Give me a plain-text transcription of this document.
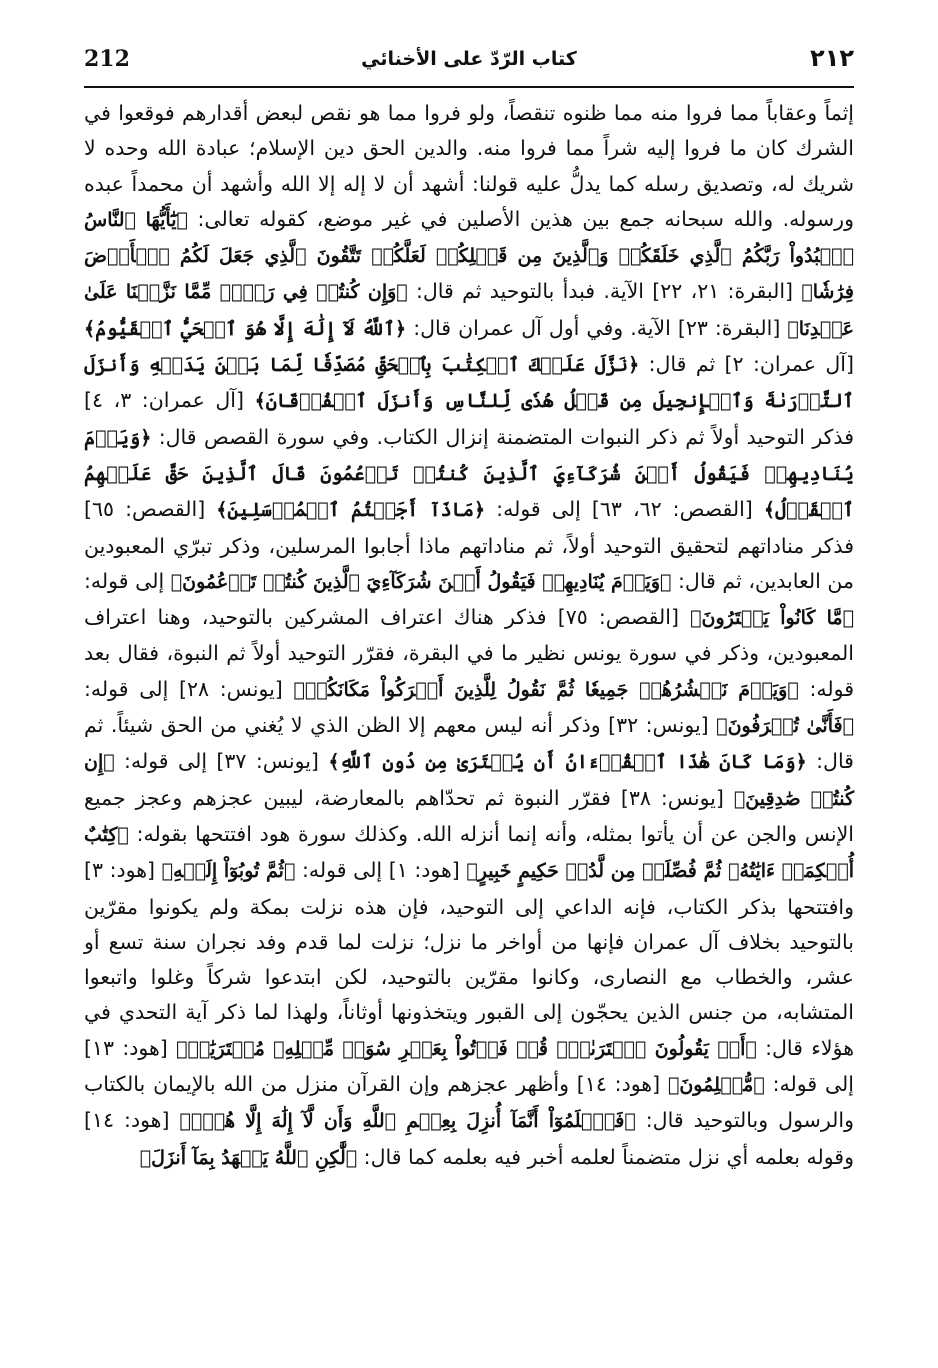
212	كتاب الرّدّ على الأخنائي	٢١٢

إثماً وعقاباً مما فروا منه مما ظنوه تنقصاً، ولو فروا مما هو نقص لبعض أقدارهم فوقعوا في الشرك كان ما فروا إليه شراً مما فروا منه. والدين الحق دين الإسلام؛ عبادة الله وحده لا شريك له، وتصديق رسله كما يدلُّ عليه قولنا: أشهد أن لا إله إلا الله وأشهد أن محمداً عبده ورسوله. والله سبحانه جمع بين هذين الأصلين في غير موضع، كقوله تعالى: ﴿يَٰٓأَيُّهَا ٱلنَّاسُ ٱعۡبُدُواْ رَبَّكُمُ ٱلَّذِي خَلَقَكُمۡ وَٱلَّذِينَ مِن قَبۡلِكُمۡ لَعَلَّكُمۡ تَتَّقُونَ ٱلَّذِي جَعَلَ لَكُمُ ٱلۡأَرۡضَ فِرَٰشٗا﴾ [البقرة: ٢١، ٢٢] الآية. فبدأ بالتوحيد ثم قال: ﴿وَإِن كُنتُمۡ فِي رَيۡبٖ مِّمَّا نَزَّلۡنَا عَلَىٰ عَبۡدِنَا﴾ [البقرة: ٢٣] الآية. وفي أول آل عمران قال: ﴿ٱللَّهُ لَآ إِلَٰهَ إِلَّا هُوَ ٱلۡحَيُّ ٱلۡقَيُّومُ﴾ [آل عمران: ٢] ثم قال: ﴿نَزَّلَ عَلَيۡكَ ٱلۡكِتَٰبَ بِٱلۡحَقِّ مُصَدِّقٗا لِّمَا بَيۡنَ يَدَيۡهِ وَأَنزَلَ ٱلتَّوۡرَىٰةَ وَٱلۡإِنجِيلَ مِن قَبۡلُ هُدٗى لِّلنَّاسِ وَأَنزَلَ ٱلۡفُرۡقَانَ﴾ [آل عمران: ٣، ٤] فذكر التوحيد أولاً ثم ذكر النبوات المتضمنة إنزال الكتاب. وفي سورة القصص قال: ﴿وَيَوۡمَ يُنَادِيهِمۡ فَيَقُولُ أَيۡنَ شُرَكَآءِيَ ٱلَّذِينَ كُنتُمۡ تَزۡعُمُونَ قَالَ ٱلَّذِينَ حَقَّ عَلَيۡهِمُ ٱلۡقَوۡلُ﴾ [القصص: ٦٢، ٦٣] إلى قوله: ﴿مَاذَآ أَجَبۡتُمُ ٱلۡمُرۡسَلِينَ﴾ [القصص: ٦٥] فذكر مناداتهم لتحقيق التوحيد أولاً، ثم مناداتهم ماذا أجابوا المرسلين، وذكر تبرّي المعبودين من العابدين، ثم قال: ﴿وَيَوۡمَ يُنَادِيهِمۡ فَيَقُولُ أَيۡنَ شُرَكَآءِيَ ٱلَّذِينَ كُنتُمۡ تَزۡعُمُونَ﴾ إلى قوله: ﴿مَّا كَانُواْ يَفۡتَرُونَ﴾ [القصص: ٧٥] فذكر هناك اعتراف المشركين بالتوحيد، وهنا اعتراف المعبودين، وذكر في سورة يونس نظير ما في البقرة، فقرّر التوحيد أولاً ثم النبوة، فقال بعد قوله: ﴿وَيَوۡمَ نَحۡشُرُهُمۡ جَمِيعٗا ثُمَّ نَقُولُ لِلَّذِينَ أَشۡرَكُواْ مَكَانَكُمۡ﴾ [يونس: ٢٨] إلى قوله: ﴿فَأَنَّىٰ تُصۡرَفُونَ﴾ [يونس: ٣٢] وذكر أنه ليس معهم إلا الظن الذي لا يُغني من الحق شيئاً. ثم قال: ﴿وَمَا كَانَ هَٰذَا ٱلۡقُرۡءَانُ أَن يُفۡتَرَىٰ مِن دُونِ ٱللَّهِ﴾ [يونس: ٣٧] إلى قوله: ﴿إِن كُنتُمۡ صَٰدِقِينَ﴾ [يونس: ٣٨] فقرّر النبوة ثم تحدّاهم بالمعارضة، ليبين عجزهم وعجز جميع الإنس والجن عن أن يأتوا بمثله، وأنه إنما أنزله الله. وكذلك سورة هود افتتحها بقوله: ﴿كِتَٰبٌ أُحۡكِمَتۡ ءَايَٰتُهُۥ ثُمَّ فُصِّلَتۡ مِن لَّدُنۡ حَكِيمٍ خَبِيرٍ﴾ [هود: ١] إلى قوله: ﴿ثُمَّ تُوبُوٓاْ إِلَيۡهِ﴾ [هود: ٣] وافتتحها بذكر الكتاب، فإنه الداعي إلى التوحيد، فإن هذه نزلت بمكة ولم يكونوا مقرّين بالتوحيد بخلاف آل عمران فإنها من أواخر ما نزل؛ نزلت لما قدم وفد نجران سنة تسع أو عشر، والخطاب مع النصارى، وكانوا مقرّين بالتوحيد، لكن ابتدعوا شركاً وغلوا واتبعوا المتشابه، من جنس الذين يحجّون إلى القبور ويتخذونها أوثاناً، ولهذا لما ذكر آية التحدي في هؤلاء قال: ﴿أَمۡ يَقُولُونَ ٱفۡتَرَىٰهُۖ قُلۡ فَأۡتُواْ بِعَشۡرِ سُوَرٖ مِّثۡلِهِۦ مُفۡتَرَيَٰتٖ﴾ [هود: ١٣] إلى قوله: ﴿مُّسۡلِمُونَ﴾ [هود: ١٤] وأظهر عجزهم وإن القرآن منزل من الله بالإيمان بالكتاب والرسول وبالتوحيد قال: ﴿فَٱعۡلَمُوٓاْ أَنَّمَآ أُنزِلَ بِعِلۡمِ ٱللَّهِ وَأَن لَّآ إِلَٰهَ إِلَّا هُوَۖ﴾ [هود: ١٤] وقوله بعلمه أي نزل متضمناً لعلمه أخبر فيه بعلمه كما قال: ﴿لَّٰكِنِ ٱللَّهُ يَشۡهَدُ بِمَآ أَنزَلَ﴾
